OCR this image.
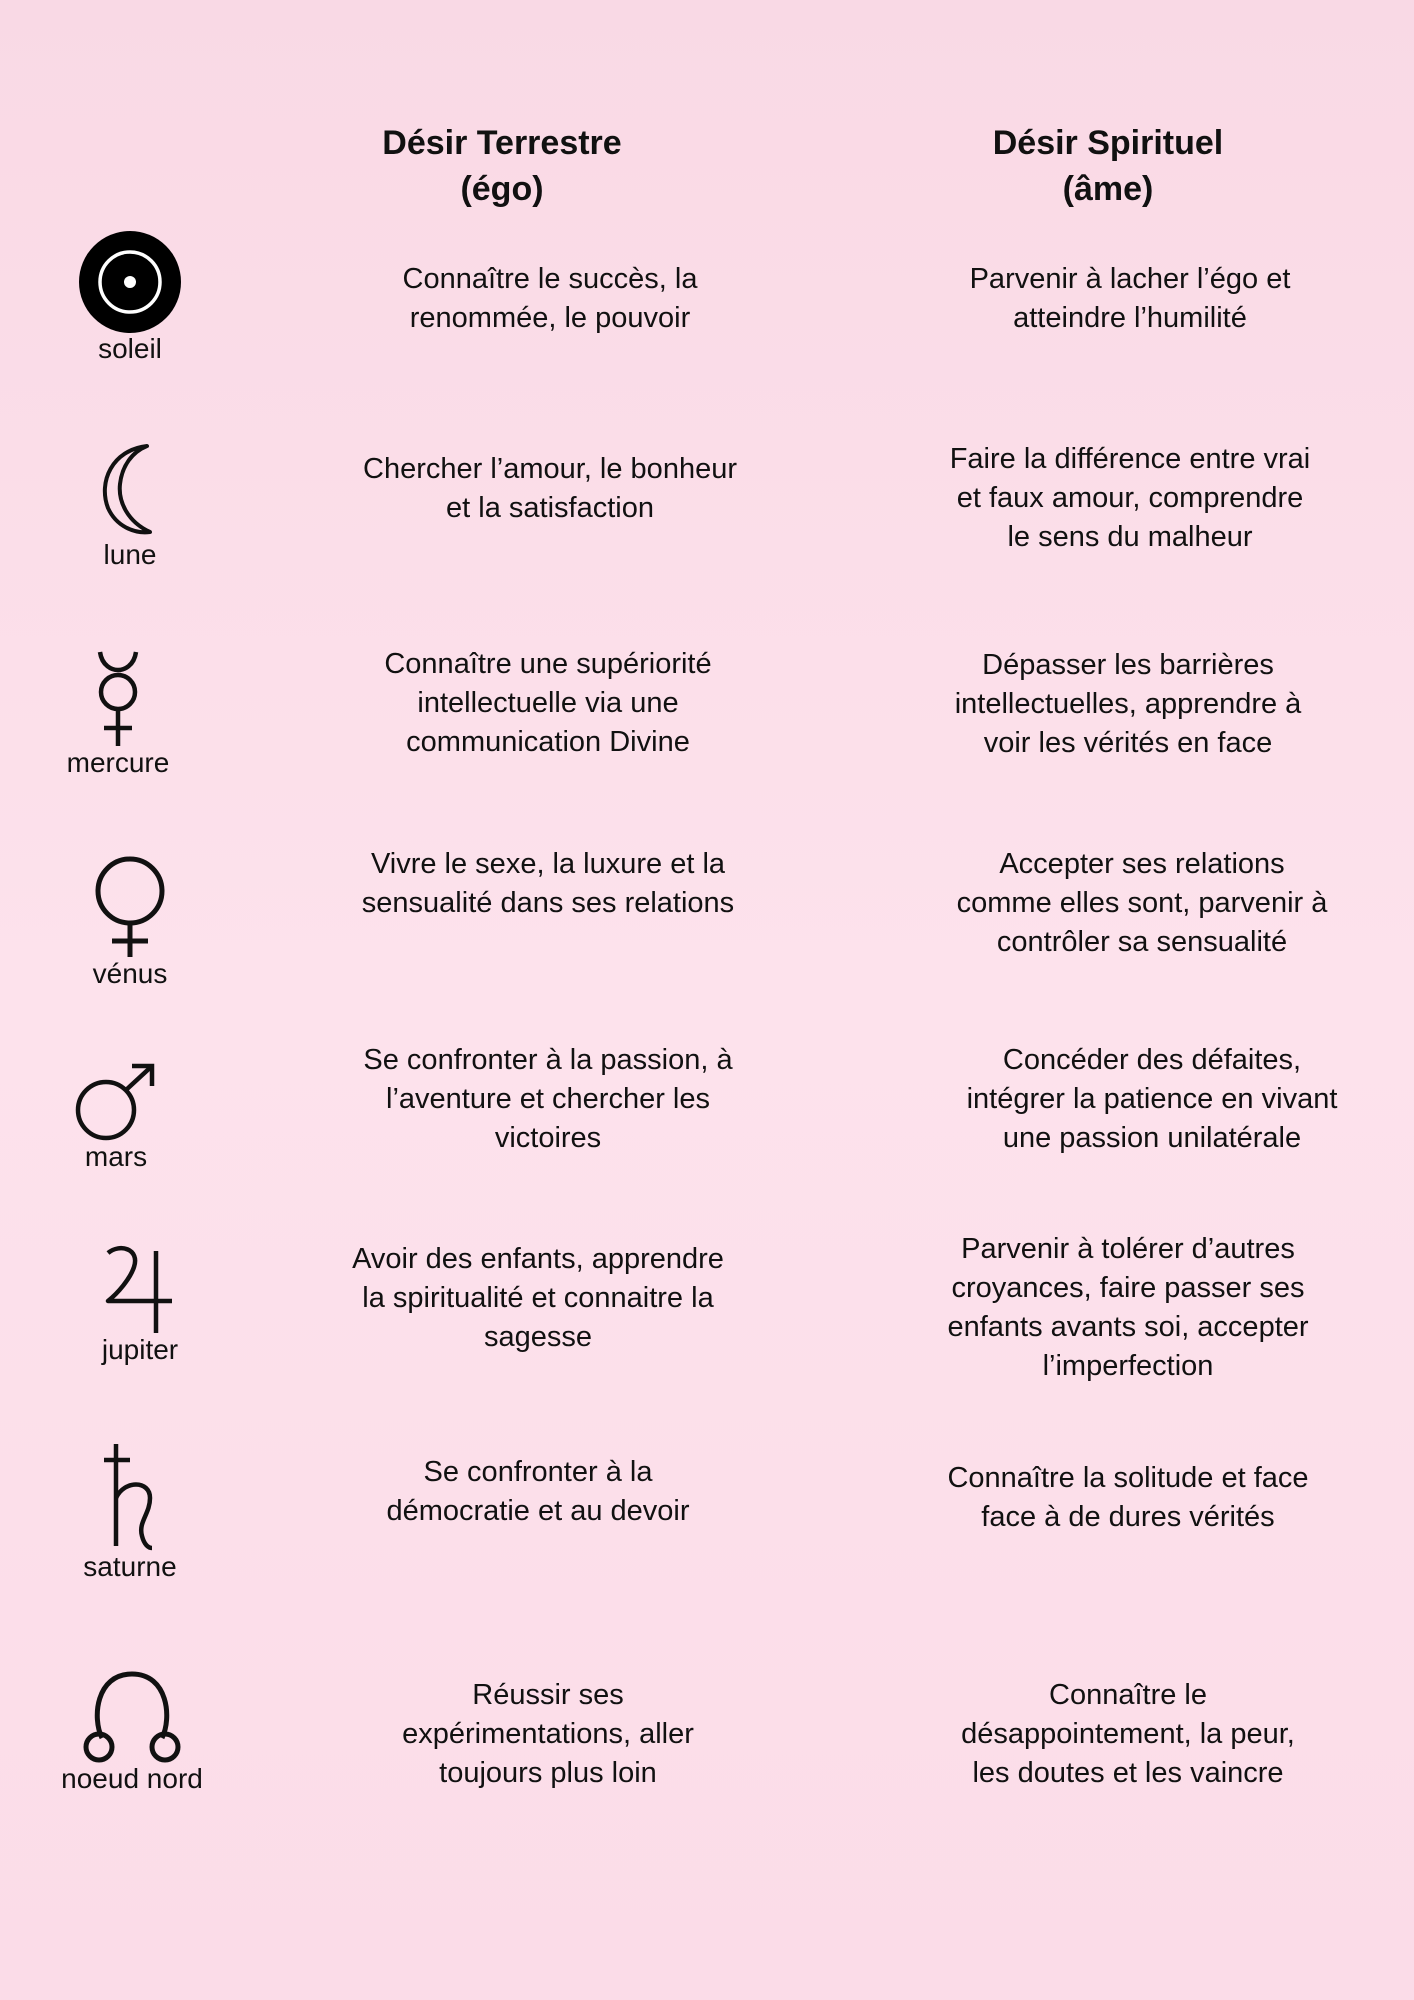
Désir Terrestre
(égo)
Désir Spirituel
(âme)
soleil
Connaître le succès, la
renommée, le pouvoir
Parvenir à lacher l’égo et
atteindre l’humilité
lune
Chercher l’amour, le bonheur
et la satisfaction
Faire la différence entre vrai
et faux amour, comprendre
le sens du malheur
mercure
Connaître une supériorité
intellectuelle via une
communication Divine
Dépasser les barrières
intellectuelles, apprendre à
voir les vérités en face
vénus
Vivre le sexe, la luxure et la
sensualité dans ses relations
Accepter ses relations
comme elles sont, parvenir à
contrôler sa sensualité
mars
Se confronter à la passion, à
l’aventure et chercher les
victoires
Concéder des défaites,
intégrer la patience en vivant
une passion unilatérale
jupiter
Avoir des enfants, apprendre
la spiritualité et connaitre la
sagesse
Parvenir à tolérer d’autres
croyances, faire passer ses
enfants avants soi, accepter
l’imperfection
saturne
Se confronter à la
démocratie et au devoir
Connaître la solitude et face
face à de dures vérités
noeud nord
Réussir ses
expérimentations, aller
toujours plus loin
Connaître le
désappointement, la peur,
les doutes et les vaincre
